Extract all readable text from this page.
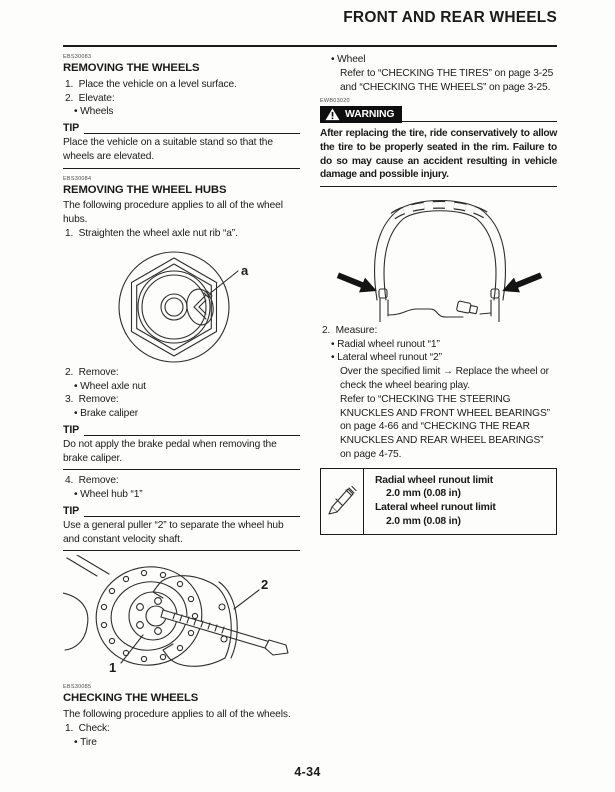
FRONT AND REAR WHEELS
EBS30083
REMOVING THE WHEELS
1.  Place the vehicle on a level surface.
2.  Elevate:
• Wheels
TIP
Place the vehicle on a suitable stand so that the wheels are elevated.
EBS30084
REMOVING THE WHEEL HUBS
The following procedure applies to all of the wheel hubs.
1.  Straighten the wheel axle nut rib “a”.
a
2.  Remove:
• Wheel axle nut
3.  Remove:
• Brake caliper
TIP
Do not apply the brake pedal when removing the brake caliper.
4.  Remove:
• Wheel hub “1”
TIP
Use a general puller “2” to separate the wheel hub and constant velocity shaft.
1
2
EBS30085
CHECKING THE WHEELS
The following procedure applies to all of the wheels.
1.  Check:
• Tire
• Wheel
Refer to “CHECKING THE TIRES” on page 3-25 and “CHECKING THE WHEELS” on page 3-25.
EWB03020
WARNING
After replacing the tire, ride conservatively to allow the tire to be properly seated in the rim. Failure to do so may cause an accident resulting in vehicle damage and possible injury.
2.  Measure:
• Radial wheel runout “1”
• Lateral wheel runout “2”
Over the specified limit → Replace the wheel or check the wheel bearing play.
Refer to “CHECKING THE STEERING KNUCKLES AND FRONT WHEEL BEARINGS” on page 4-66 and “CHECKING THE REAR KNUCKLES AND REAR WHEEL BEARINGS” on page 4-75.
Radial wheel runout limit
2.0 mm (0.08 in)
Lateral wheel runout limit
2.0 mm (0.08 in)
4-34
